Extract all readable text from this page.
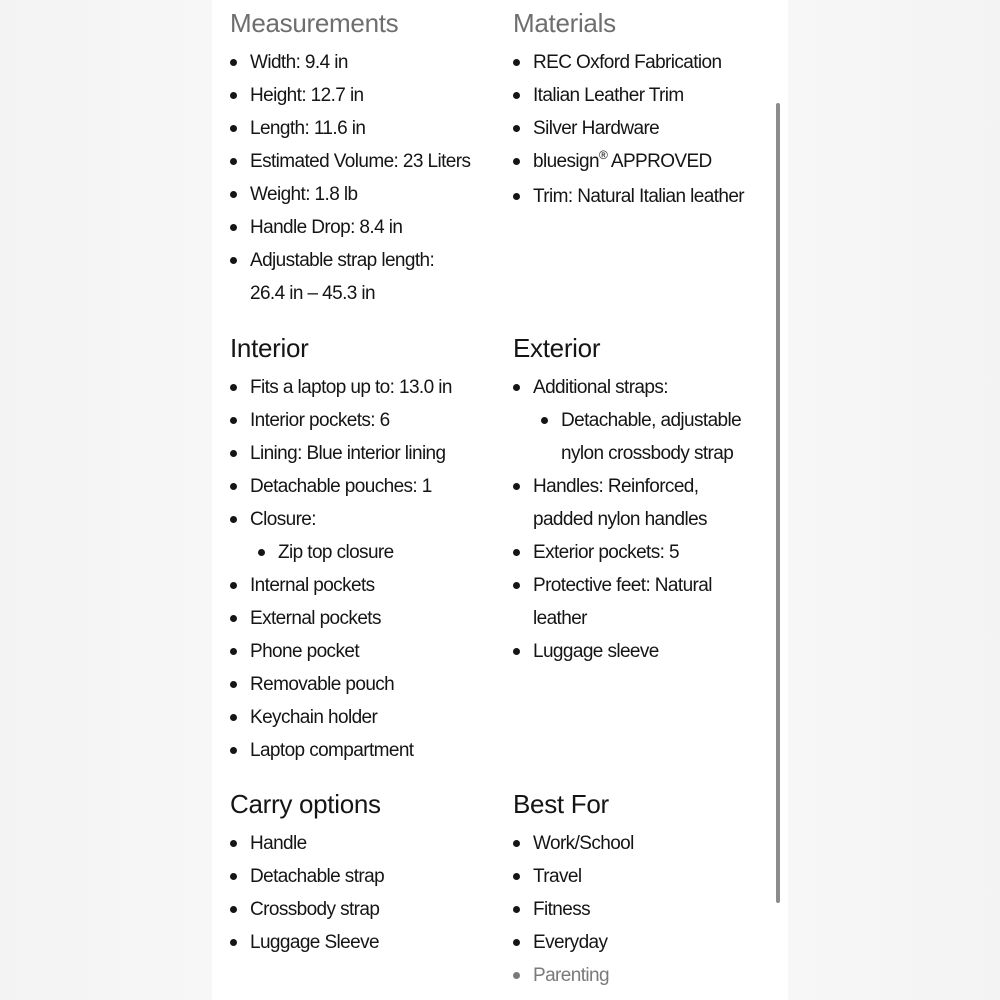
Measurements
Width: 9.4 in
Height: 12.7 in
Length: 11.6 in
Estimated Volume: 23 Liters
Weight: 1.8 lb
Handle Drop: 8.4 in
Adjustable strap length:
26.4 in – 45.3 in
Materials
REC Oxford Fabrication
Italian Leather Trim
Silver Hardware
bluesign® APPROVED
Trim: Natural Italian leather
Interior
Fits a laptop up to: 13.0 in
Interior pockets: 6
Lining: Blue interior lining
Detachable pouches: 1
Closure:
Zip top closure
Internal pockets
External pockets
Phone pocket
Removable pouch
Keychain holder
Laptop compartment
Exterior
Additional straps:
Detachable, adjustable
nylon crossbody strap
Handles: Reinforced,
padded nylon handles
Exterior pockets: 5
Protective feet: Natural
leather
Luggage sleeve
Carry options
Handle
Detachable strap
Crossbody strap
Luggage Sleeve
Best For
Work/School
Travel
Fitness
Everyday
Parenting
